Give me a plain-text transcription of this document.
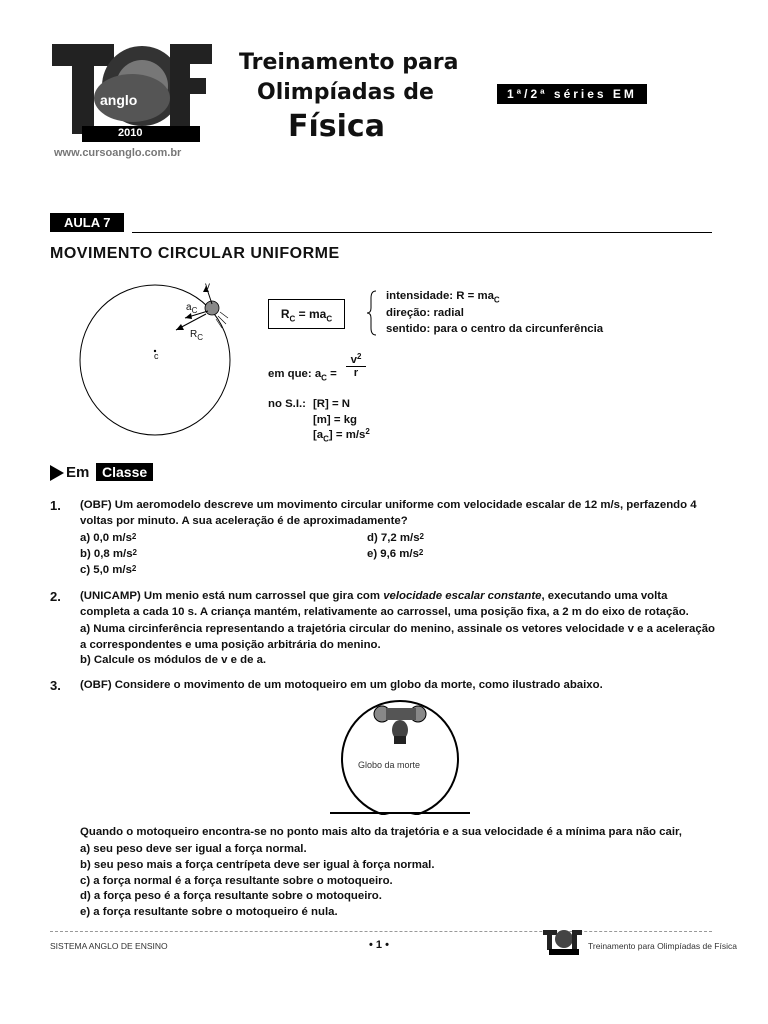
anglo
2010
www.cursoanglo.com.br
Treinamento para
Olimpíadas de
Física
1ª/2ª séries EM
AULA 7
MOVIMENTO CIRCULAR UNIFORME
v
$a_C$
$R_C$
c
$R_C = ma_C$
intensidade: $R = ma_C$
direção: radial
sentido: para o centro da circunferência
em que: $a_C$ =
$v^2$
r
no S.I.: [R] = N
[m] = kg
$[a_C] = m/s^2$
Em Classe
1. (OBF) Um aeromodelo descreve um movimento circular uniforme com velocidade escalar de 12 m/s, perfazendo 4 voltas por minuto. A sua aceleração é de aproximadamente?
a) 0,0 $m/s^2$
b) 0,8 $m/s^2$
c) 5,0 $m/s^2$
d) 7,2 $m/s^2$
e) 9,6 $m/s^2$
2. (UNICAMP) Um menio está num carrossel que gira com velocidade escalar constante, executando uma volta completa a cada 10 s. A criança mantém, relativamente ao carrossel, uma posição fixa, a 2 m do eixo de rotação.
a) Numa circinferência representando a trajetória circular do menino, assinale os vetores velocidade v e a aceleração a correspondentes e uma posição arbitrária do menino.
b) Calcule os módulos de v e de a.
3. (OBF) Considere o movimento de um motoqueiro em um globo da morte, como ilustrado abaixo.
Globo da morte
Quando o motoqueiro encontra-se no ponto mais alto da trajetória e a sua velocidade é a mínima para não cair,
a) seu peso deve ser igual a força normal.
b) seu peso mais a força centrípeta deve ser igual à força normal.
c) a força normal é a força resultante sobre o motoqueiro.
d) a força peso é a força resultante sobre o motoqueiro.
e) a força resultante sobre o motoqueiro é nula.
SISTEMA ANGLO DE ENSINO	• 1 •	Treinamento para Olimpíadas de Física
